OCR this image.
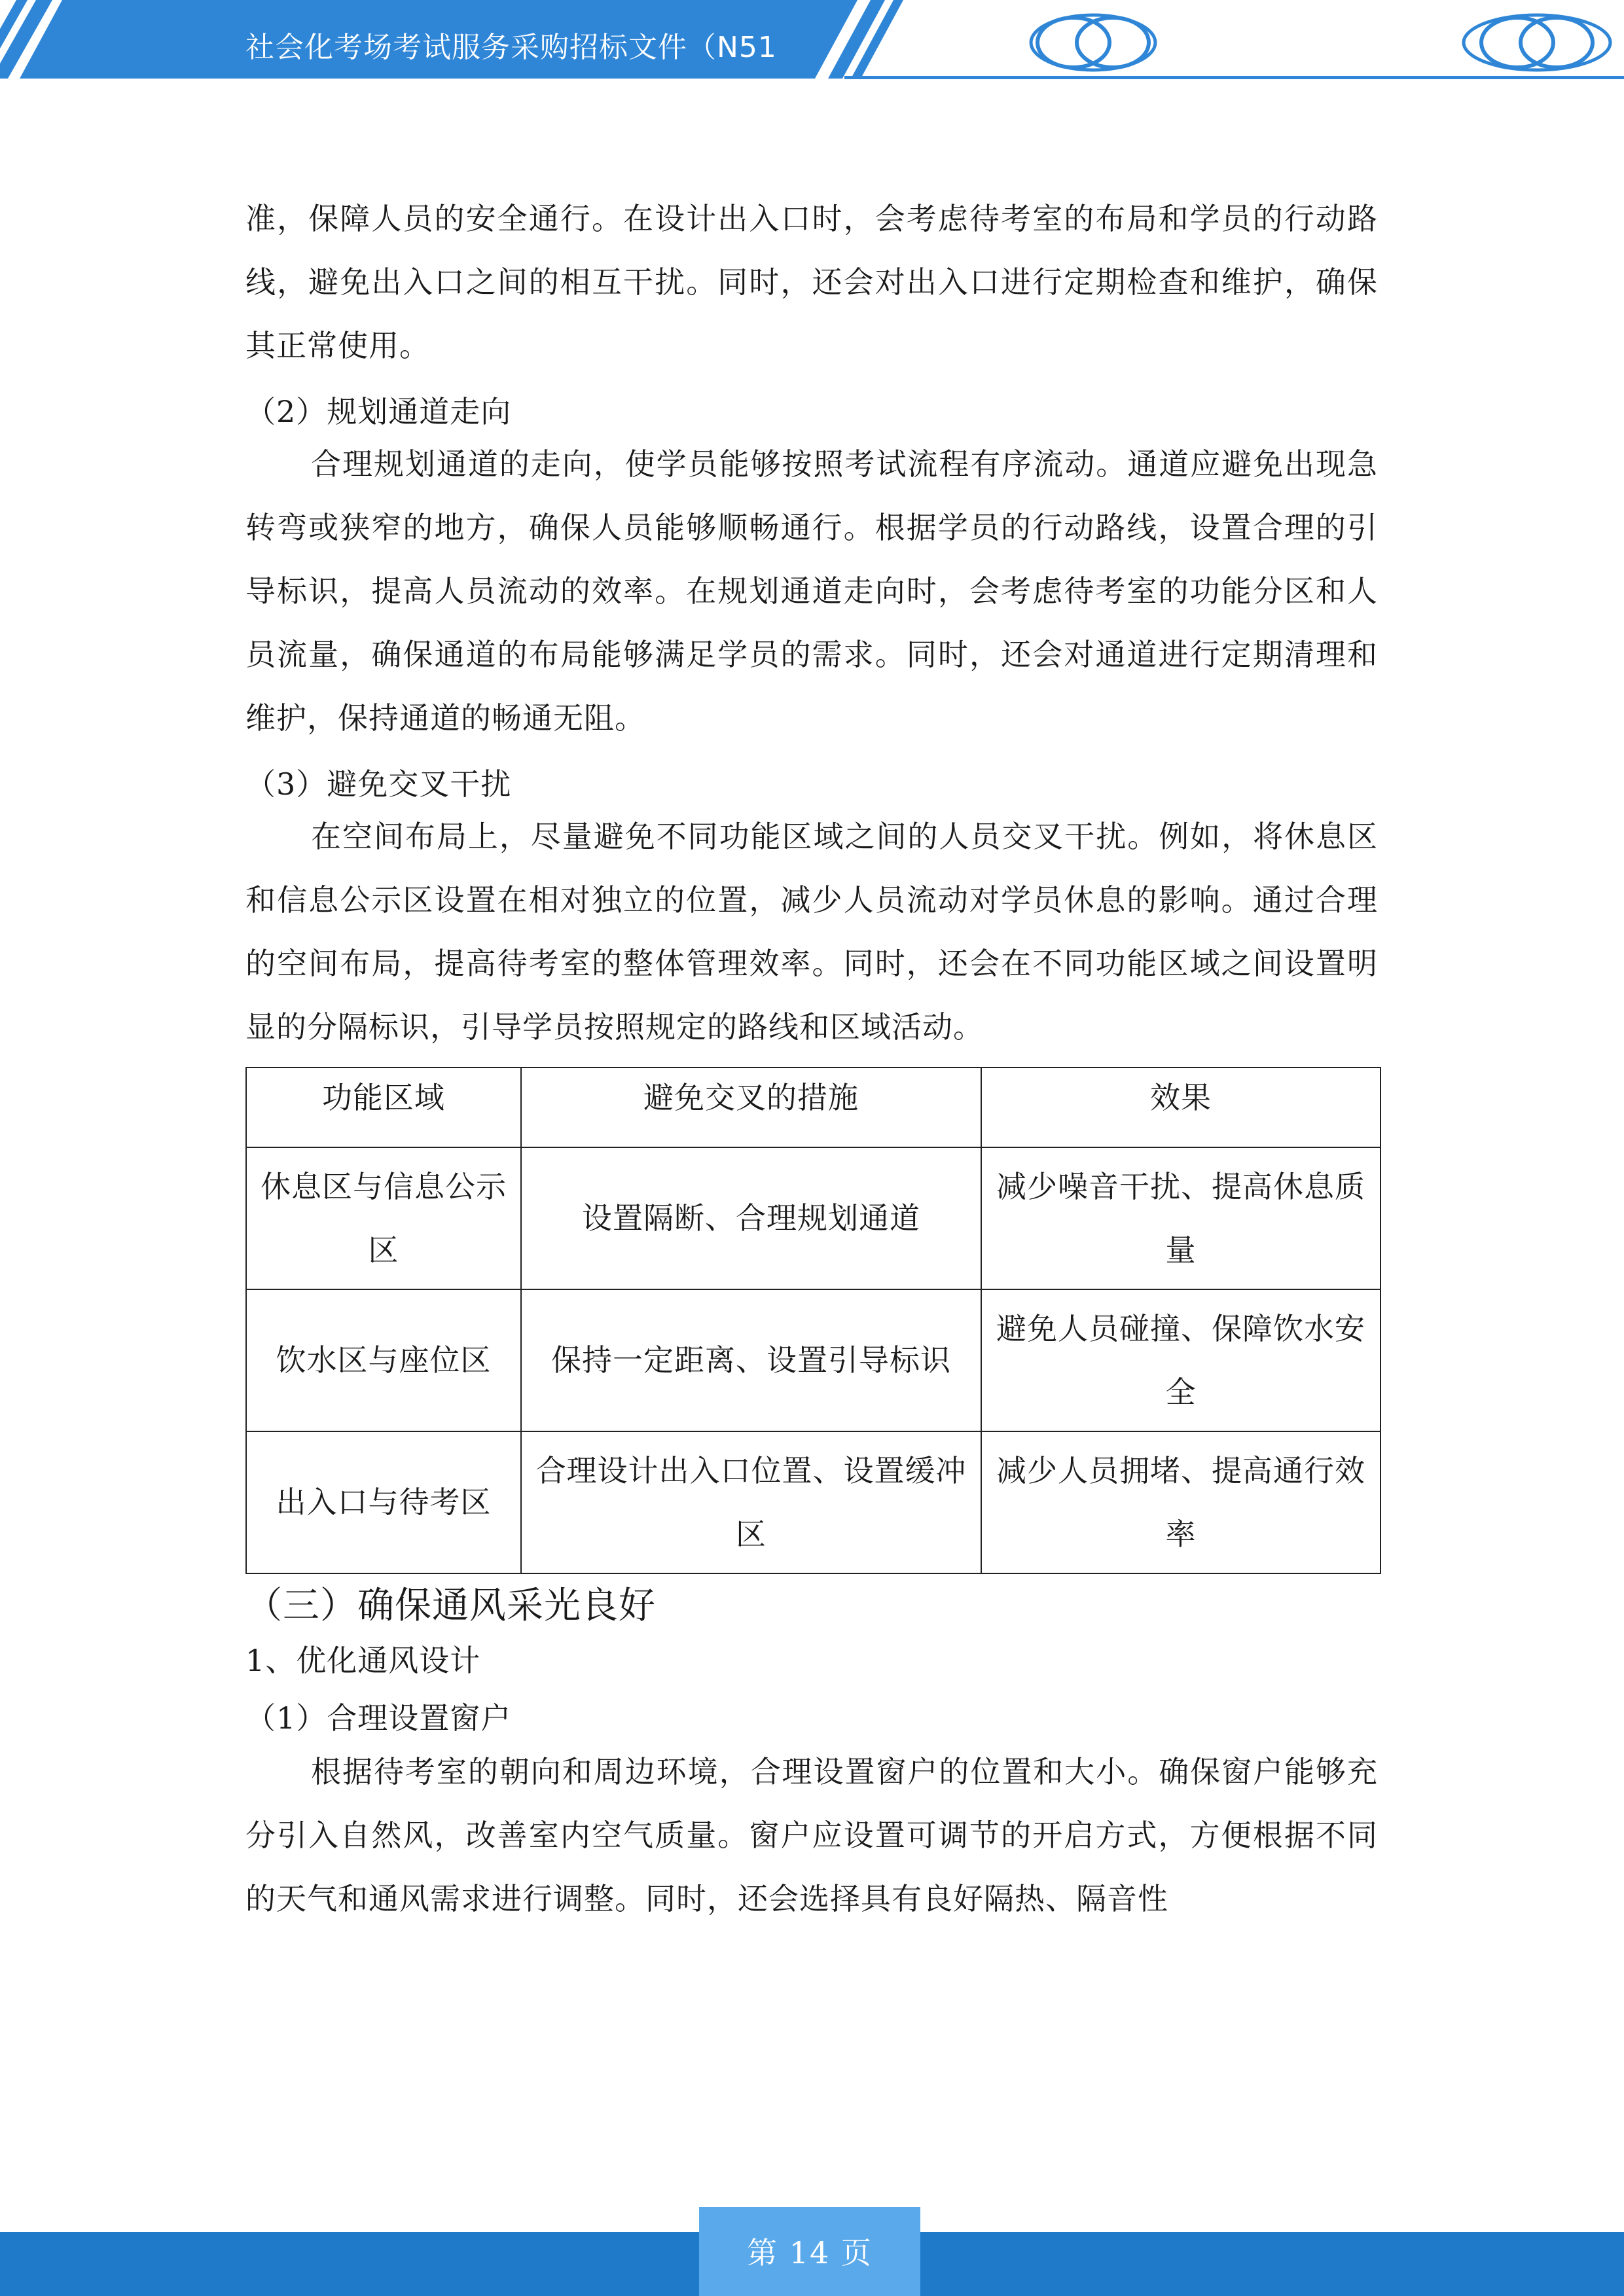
社会化考场考试服务采购招标文件（N51

准，保障人员的安全通行。在设计出入口时，会考虑待考室的布局和学员的行动路线，避免出入口之间的相互干扰。同时，还会对出入口进行定期检查和维护，确保其正常使用。

（2）规划通道走向

合理规划通道的走向，使学员能够按照考试流程有序流动。通道应避免出现急转弯或狭窄的地方，确保人员能够顺畅通行。根据学员的行动路线，设置合理的引导标识，提高人员流动的效率。在规划通道走向时，会考虑待考室的功能分区和人员流量，确保通道的布局能够满足学员的需求。同时，还会对通道进行定期清理和维护，保持通道的畅通无阻。

（3）避免交叉干扰

在空间布局上，尽量避免不同功能区域之间的人员交叉干扰。例如，将休息区和信息公示区设置在相对独立的位置，减少人员流动对学员休息的影响。通过合理的空间布局，提高待考室的整体管理效率。同时，还会在不同功能区域之间设置明显的分隔标识，引导学员按照规定的路线和区域活动。

功能区域	避免交叉的措施	效果
休息区与信息公示区	设置隔断、合理规划通道	减少噪音干扰、提高休息质量
饮水区与座位区	保持一定距离、设置引导标识	避免人员碰撞、保障饮水安全
出入口与待考区	合理设计出入口位置、设置缓冲区	减少人员拥堵、提高通行效率

（三）确保通风采光良好

1、优化通风设计

（1）合理设置窗户

根据待考室的朝向和周边环境，合理设置窗户的位置和大小。确保窗户能够充分引入自然风，改善室内空气质量。窗户应设置可调节的开启方式，方便根据不同的天气和通风需求进行调整。同时，还会选择具有良好隔热、隔音性

第 14 页
